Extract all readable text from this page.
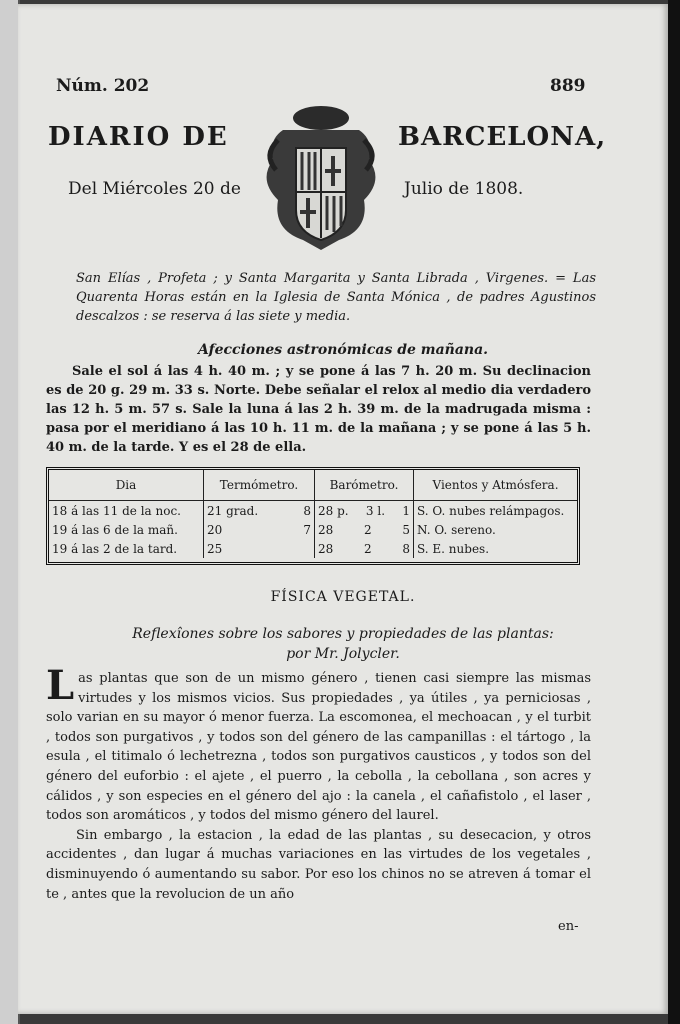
Núm. 202	889
DIARIO DE	BARCELONA,
Del Miércoles 20 de	Julio de 1808.
San Elías , Profeta ; y Santa Margarita y Santa Librada , Virgenes. = Las Quarenta Horas están en la Iglesia de Santa Mónica , de padres Agustinos descalzos : se reserva á las siete y media.
Afecciones astronómicas de mañana.
Sale el sol á las 4 h. 40 m. ; y se pone á las 7 h. 20 m. Su declinacion es de 20 g. 29 m. 33 s. Norte. Debe señalar el relox al medio dia verdadero las 12 h. 5 m. 57 s. Sale la luna á las 2 h. 39 m. de la madrugada misma : pasa por el meridiano á las 10 h. 11 m. de la mañana ; y se pone á las 5 h. 40 m. de la tarde. Y es el 28 de ella.
Dia	Termómetro.	Barómetro.	Vientos y Atmósfera.
18 á las 11 de la noc.	21 grad. 8	28 p. 3 l. 1	S. O. nubes relámpagos.
19 á las 6 de la mañ.	20 7	28 2 5	N. O. sereno.
19 á las 2 de la tard.	25	28 2 8	S. E. nubes.
FÍSICA VEGETAL.
Reflexîones sobre los sabores y propiedades de las plantas:
por Mr. Jolycler.

Las plantas que son de un mismo género , tienen casi siempre las mismas virtudes y los mismos vicios. Sus propiedades , ya útiles , ya perniciosas , solo varian en su mayor ó menor fuerza. La escomonea, el mechoacan , y el turbit , todos son purgativos , y todos son del género de las campanillas : el tártogo , la esula , el titimalo ó lechetrezna , todos son purgativos causticos , y todos son del género del euforbio : el ajete , el puerro , la cebolla , la cebollana , son acres y cálidos , y son especies en el género del ajo : la canela , el cañafistolo , el laser , todos son aromáticos , y todos del mismo género del laurel.

Sin embargo , la estacion , la edad de las plantas , su desecacion, y otros accidentes , dan lugar á muchas variaciones en las virtudes de los vegetales , disminuyendo ó aumentando su sabor. Por eso los chinos no se atreven á tomar el te , antes que la revolucion de un año

en-
